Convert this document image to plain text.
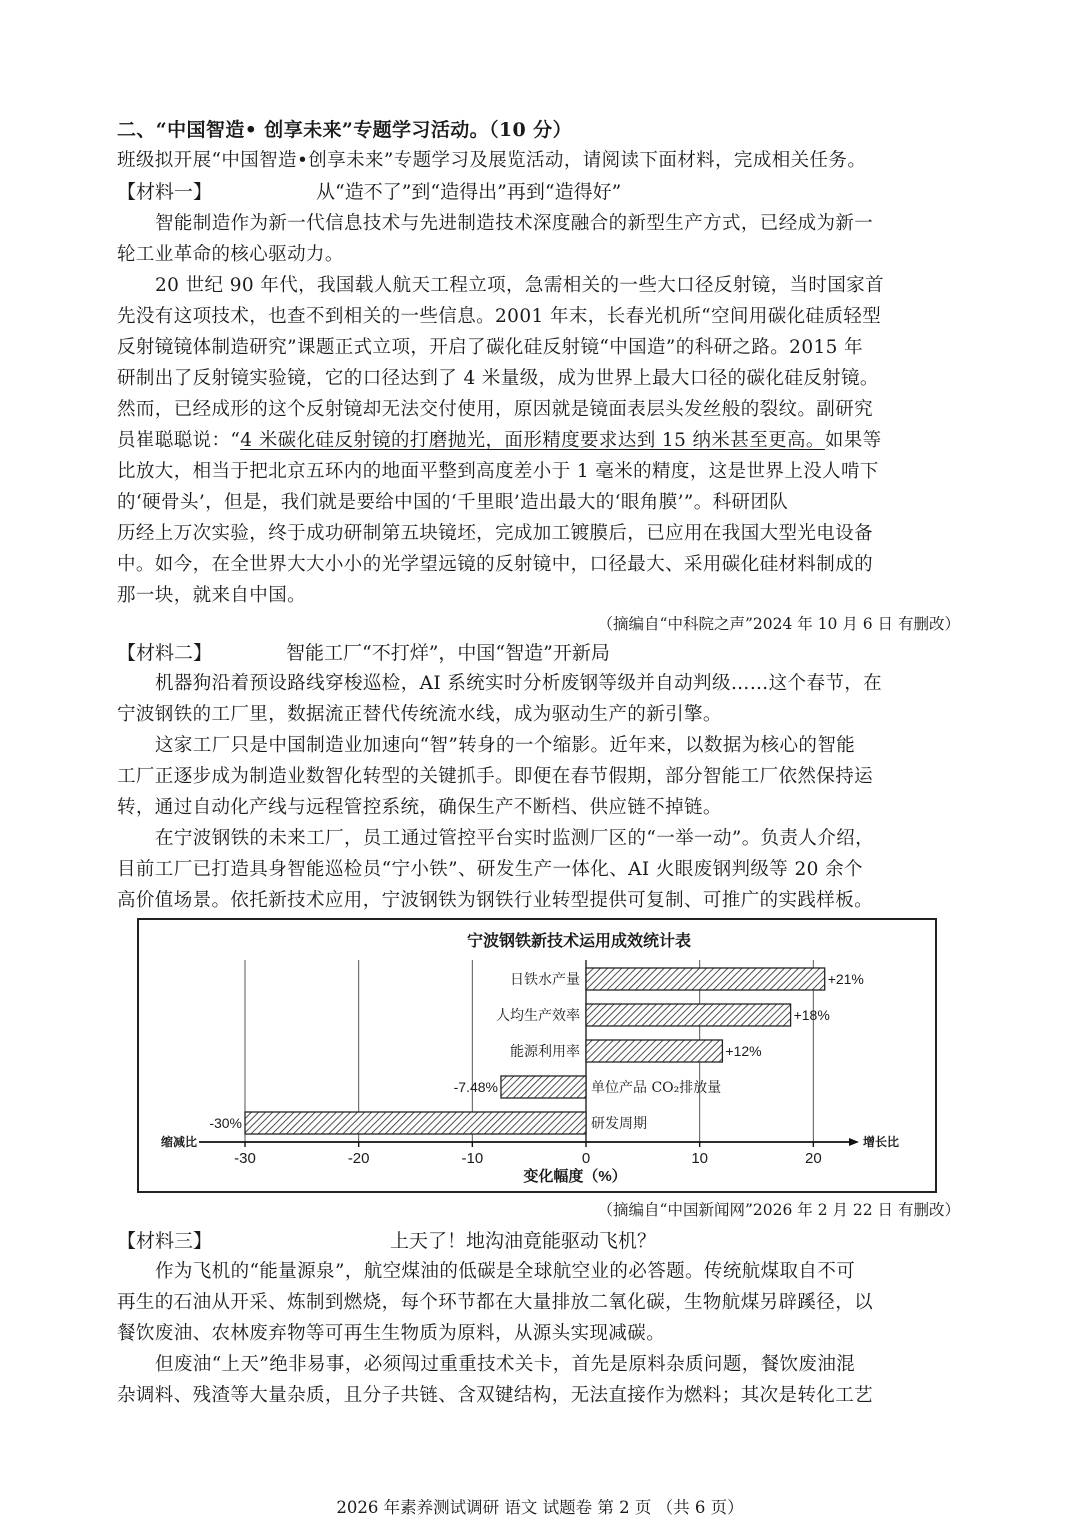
二、“中国智造• 创享未来”专题学习活动。（10 分）
班级拟开展“中国智造•创享未来”专题学习及展览活动，请阅读下面材料，完成相关任务。
【材料一】	从“造不了”到“造得出”再到“造得好”
智能制造作为新一代信息技术与先进制造技术深度融合的新型生产方式，已经成为新一
轮工业革命的核心驱动力。
20 世纪 90 年代，我国载人航天工程立项，急需相关的一些大口径反射镜，当时国家首
先没有这项技术，也查不到相关的一些信息。2001 年末，长春光机所“空间用碳化硅质轻型
反射镜镜体制造研究”课题正式立项，开启了碳化硅反射镜“中国造”的科研之路。2015 年
研制出了反射镜实验镜，它的口径达到了 4 米量级，成为世界上最大口径的碳化硅反射镜。
然而，已经成形的这个反射镜却无法交付使用，原因就是镜面表层头发丝般的裂纹。副研究
员崔聪聪说：“4 米碳化硅反射镜的打磨抛光，面形精度要求达到 15 纳米甚至更高。如果等
比放大，相当于把北京五环内的地面平整到高度差小于 1 毫米的精度，这是世界上没人啃下
的‘硬骨头’，但是，我们就是要给中国的‘千里眼’造出最大的‘眼角膜’”。科研团队
历经上万次实验，终于成功研制第五块镜坯，完成加工镀膜后，已应用在我国大型光电设备
中。如今，在全世界大大小小的光学望远镜的反射镜中，口径最大、采用碳化硅材料制成的
那一块，就来自中国。
（摘编自“中科院之声”2024 年 10 月 6 日 有删改）
【材料二】	智能工厂“不打烊”，中国“智造”开新局
机器狗沿着预设路线穿梭巡检，AI 系统实时分析废钢等级并自动判级……这个春节，在
宁波钢铁的工厂里，数据流正替代传统流水线，成为驱动生产的新引擎。
这家工厂只是中国制造业加速向“智”转身的一个缩影。近年来，以数据为核心的智能
工厂正逐步成为制造业数智化转型的关键抓手。即便在春节假期，部分智能工厂依然保持运
转，通过自动化产线与远程管控系统，确保生产不断档、供应链不掉链。
在宁波钢铁的未来工厂，员工通过管控平台实时监测厂区的“一举一动”。负责人介绍，
目前工厂已打造具身智能巡检员“宁小铁”、研发生产一体化、AI 火眼废钢判级等 20 余个
高价值场景。依托新技术应用，宁波钢铁为钢铁行业转型提供可复制、可推广的实践样板。
宁波钢铁新技术运用成效统计表
日铁水产量	+21%
人均生产效率	+18%
能源利用率	+12%
单位产品 CO₂排放量
-7.48%
研发周期
-30%
-30	-20	-10	0	10	20
缩减比	增长比
变化幅度（%）
（摘编自“中国新闻网”2026 年 2 月 22 日 有删改）
【材料三】	上天了！地沟油竟能驱动飞机？
作为飞机的“能量源泉”，航空煤油的低碳是全球航空业的必答题。传统航煤取自不可
再生的石油从开采、炼制到燃烧，每个环节都在大量排放二氧化碳，生物航煤另辟蹊径，以
餐饮废油、农林废弃物等可再生生物质为原料，从源头实现减碳。
但废油“上天”绝非易事，必须闯过重重技术关卡，首先是原料杂质问题，餐饮废油混
杂调料、残渣等大量杂质，且分子共链、含双键结构，无法直接作为燃料；其次是转化工艺
2026 年素养测试调研 语文 试题卷 第 2 页 （共 6 页）
